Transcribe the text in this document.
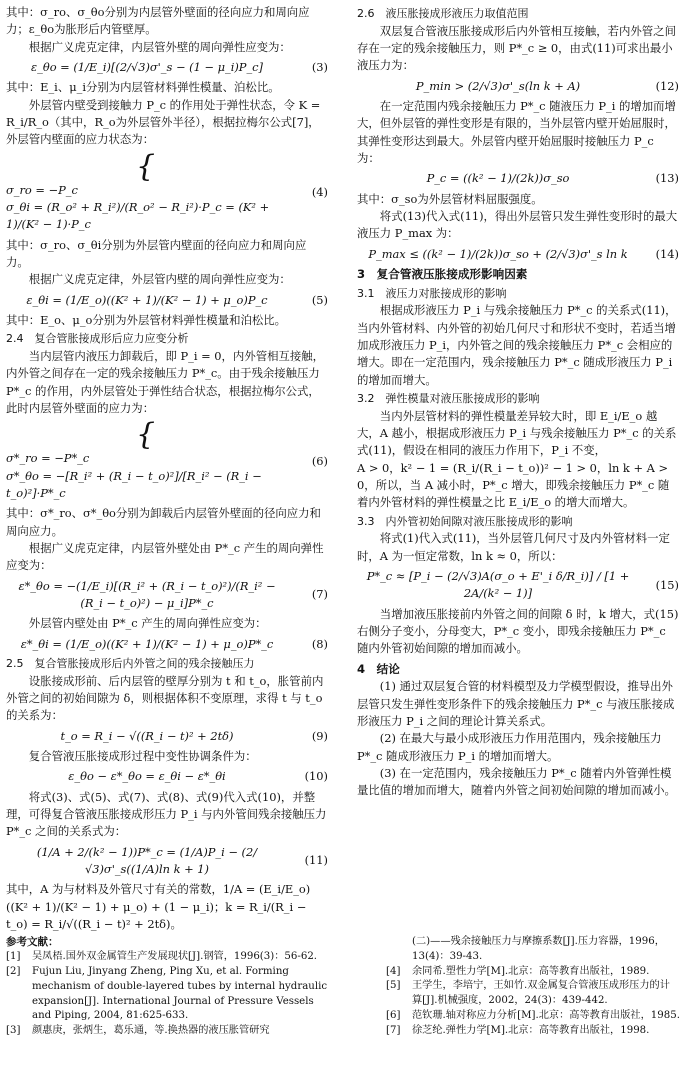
其中：σ_ro、σ_θo分别为内层管外壁面的径向应力和周向应力；ε_θo为胀形后内管壁厚。

根据广义虎克定律，内层管外壁的周向弹性应变为：

ε_θo = (1/E_i)[(2/√3)σ'_s − (1 − μ_i)P_c]	(3)

其中：E_i、μ_i分别为内层管材料弹性模量、泊松比。

外层管内壁受到接触力 P_c 的作用处于弹性状态，令 K = R_i/R_o（其中，R_o为外层管外半径），根据拉梅尔公式[7]，外层管内壁面的应力状态为：

{σ_ro = −P_c
σ_θi = (R_o² + R_i²)/(R_o² − R_i²)·P_c = (K² + 1)/(K² − 1)·P_c
(4)

其中：σ_ro、σ_θi分别为外层管内壁面的径向应力和周向应力。

根据广义虎克定律，外层管内壁的周向弹性应变为：

ε_θi = (1/E_o)((K² + 1)/(K² − 1) + μ_o)P_c	(5)

其中：E_o、μ_o分别为外层管材料弹性模量和泊松比。

2.4　复合管胀接成形后应力应变分析

当内层管内液压力卸载后，即 P_i = 0，内外管相互接触，内外管之间存在一定的残余接触压力 P*_c。由于残余接触压力 P*_c 的作用，内外层管处于弹性结合状态，根据拉梅尔公式，此时内层管外壁面的应力为：

{σ*_ro = −P*_c
σ*_θo = −[R_i² + (R_i − t_o)²]/[R_i² − (R_i − t_o)²]·P*_c
(6)

其中：σ*_ro、σ*_θo分别为卸载后内层管外壁面的径向应力和周向应力。

根据广义虎克定律，内层管外壁处由 P*_c 产生的周向弹性应变为：

ε*_θo = −(1/E_i)[(R_i² + (R_i − t_o)²)/(R_i² − (R_i − t_o)²) − μ_i]P*_c
(7)

外层管内壁处由 P*_c 产生的周向弹性应变为：

ε*_θi = (1/E_o)((K² + 1)/(K² − 1) + μ_o)P*_c	(8)

2.5　复合管胀接成形后内外管之间的残余接触压力

设胀接成形前、后内层管的壁厚分别为 t 和 t_o，胀管前内外管之间的初始间隙为 δ，则根据体积不变原理，求得 t 与 t_o 的关系为：

t_o = R_i − √((R_i − t)² + 2tδ)	(9)

复合管液压胀接成形过程中变性协调条件为：

ε_θo − ε*_θo = ε_θi − ε*_θi	(10)

将式(3)、式(5)、式(7)、式(8)、式(9)代入式(10)，并整理，可得复合管液压胀接成形压力 P_i 与内外管间残余接触压力 P*_c 之间的关系式为：

(1/A + 2/(k² − 1))P*_c = (1/A)P_i − (2/√3)σ'_s((1/A)ln k + 1)
(11)

其中，A 为与材料及外管尺寸有关的常数，1/A = (E_i/E_o)((K² + 1)/(K² − 1) + μ_o) + (1 − μ_i)；k = R_i/(R_i − t_o) = R_i/√((R_i − t)² + 2tδ)。

2.6　液压胀接成形液压力取值范围

双层复合管液压胀接成形后内外管相互接触，若内外管之间存在一定的残余接触压力，则 P*_c ≥ 0，由式(11)可求出最小液压力为：

P_min > (2/√3)σ'_s(ln k + A)	(12)

在一定范围内残余接触压力 P*_c 随液压力 P_i 的增加而增大，但外层管的弹性变形是有限的，当外层管内壁开始屈服时，其弹性变形达到最大。外层管内壁开始屈服时接触压力 P_c 为：

P_c = ((k² − 1)/(2k))σ_so	(13)

其中：σ_so为外层管材料屈服强度。

将式(13)代入式(11)，得出外层管只发生弹性变形时的最大液压力 P_max 为：

P_max ≤ ((k² − 1)/(2k))σ_so + (2/√3)σ'_s ln k	(14)

3　复合管液压胀接成形影响因素

3.1　液压力对胀接成形的影响

根据成形液压力 P_i 与残余接触压力 P*_c 的关系式(11)，当内外管材料、内外管的初始几何尺寸和形状不变时，若适当增加成形液压力 P_i，内外管之间的残余接触压力 P*_c 会相应的增大。即在一定范围内，残余接触压力 P*_c 随成形液压力 P_i 的增加而增大。

3.2　弹性模量对液压胀接成形的影响

当内外层管材料的弹性模量差异较大时，即 E_i/E_o 越大，A 越小，根据成形液压力 P_i 与残余接触压力 P*_c 的关系式(11)，假设在相同的液压力作用下，P_i 不变，

A > 0，k² − 1 = (R_i/(R_i − t_o))² − 1 > 0，ln k + A > 0，所以，当 A 减小时，P*_c 增大，即残余接触压力 P*_c 随着内外管材料的弹性模量之比 E_i/E_o 的增大而增大。

3.3　内外管初始间隙对液压胀接成形的影响

将式(1)代入式(11)，当外层管几何尺寸及内外管材料一定时，A 为一恒定常数，ln k ≈ 0，所以：

P*_c ≈ [P_i − (2/√3)A(σ_o + E'_i δ/R_i)] / [1 + 2A/(k² − 1)]
(15)

当增加液压胀接前内外管之间的间隙 δ 时，k 增大，式(15)右侧分子变小，分母变大，P*_c 变小，即残余接触压力 P*_c 随内外管初始间隙的增加而减小。

4　结论

(1) 通过双层复合管的材料模型及力学模型假设，推导出外层管只发生弹性变形条件下的残余接触压力 P*_c 与液压胀接成形液压力 P_i 之间的理论计算关系式。

(2) 在最大与最小成形液压力作用范围内，残余接触压力 P*_c 随成形液压力 P_i 的增加而增大。

(3) 在一定范围内，残余接触压力 P*_c 随着内外管弹性模量比值的增加而增大，随着内外管之间初始间隙的增加而减小。

参考文献：
[1]	吴凤梧.国外双金属管生产发展现状[J].钢管，1996(3)：56-62.
[2]	Fujun Liu, Jinyang Zheng, Ping Xu, et al. Forming mechanism of double-layered tubes by internal hydraulic expansion[J]. International Journal of Pressure Vessels and Piping, 2004, 81:625-633.
[3]	颜惠庚，张炳生，葛乐通，等.换热器的液压胀管研究
(二)——残余接触压力与摩擦系数[J].压力容器，1996，13(4)：39-43.
[4]	余同希.塑性力学[M].北京：高等教育出版社，1989.
[5]	王学生，李培宁，王如竹.双金属复合管液压成形压力的计算[J].机械强度，2002，24(3)：439-442.
[6]	范钦珊.轴对称应力分析[M].北京：高等教育出版社，1985.
[7]	徐芝纶.弹性力学[M].北京：高等教育出版社，1998.
